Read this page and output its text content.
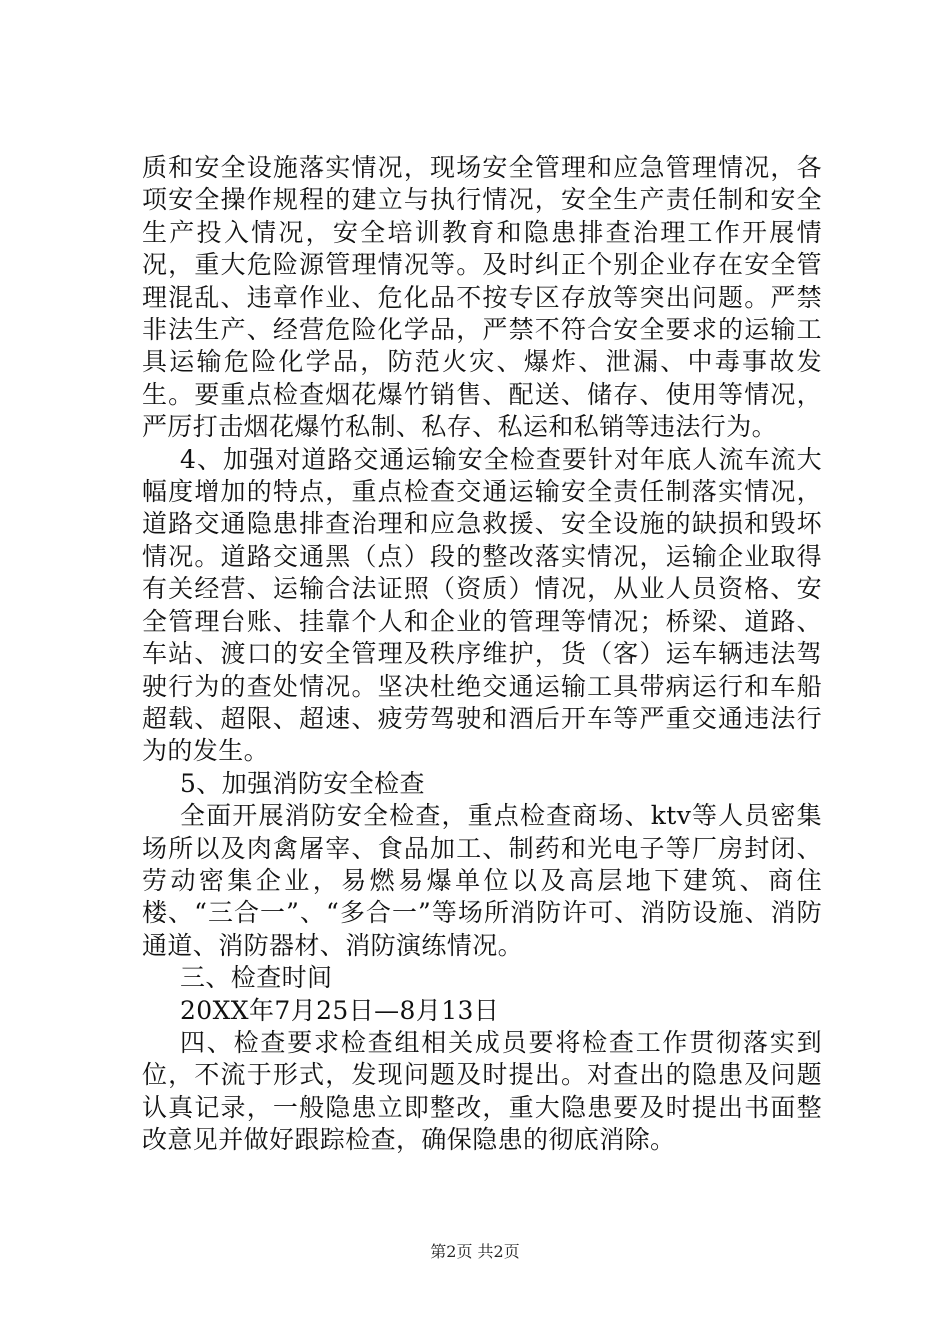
质和安全设施落实情况，现场安全管理和应急管理情况，各项安全操作规程的建立与执行情况，安全生产责任制和安全生产投入情况，安全培训教育和隐患排查治理工作开展情况，重大危险源管理情况等。及时纠正个别企业存在安全管理混乱、违章作业、危化品不按专区存放等突出问题。严禁非法生产、经营危险化学品，严禁不符合安全要求的运输工具运输危险化学品，防范火灾、爆炸、泄漏、中毒事故发生。要重点检查烟花爆竹销售、配送、储存、使用等情况，严厉打击烟花爆竹私制、私存、私运和私销等违法行为。

4、加强对道路交通运输安全检查要针对年底人流车流大幅度增加的特点，重点检查交通运输安全责任制落实情况，道路交通隐患排查治理和应急救援、安全设施的缺损和毁坏情况。道路交通黑（点）段的整改落实情况，运输企业取得有关经营、运输合法证照（资质）情况，从业人员资格、安全管理台账、挂靠个人和企业的管理等情况；桥梁、道路、车站、渡口的安全管理及秩序维护，货（客）运车辆违法驾驶行为的查处情况。坚决杜绝交通运输工具带病运行和车船超载、超限、超速、疲劳驾驶和酒后开车等严重交通违法行为的发生。

5、加强消防安全检查

全面开展消防安全检查，重点检查商场、ktv等人员密集场所以及肉禽屠宰、食品加工、制药和光电子等厂房封闭、劳动密集企业，易燃易爆单位以及高层地下建筑、商住楼、“三合一”、“多合一”等场所消防许可、消防设施、消防通道、消防器材、消防演练情况。

三、检查时间

20XX年7月25日—8月13日

四、检查要求检查组相关成员要将检查工作贯彻落实到位，不流于形式，发现问题及时提出。对查出的隐患及问题认真记录，一般隐患立即整改，重大隐患要及时提出书面整改意见并做好跟踪检查，确保隐患的彻底消除。

第2页 共2页
